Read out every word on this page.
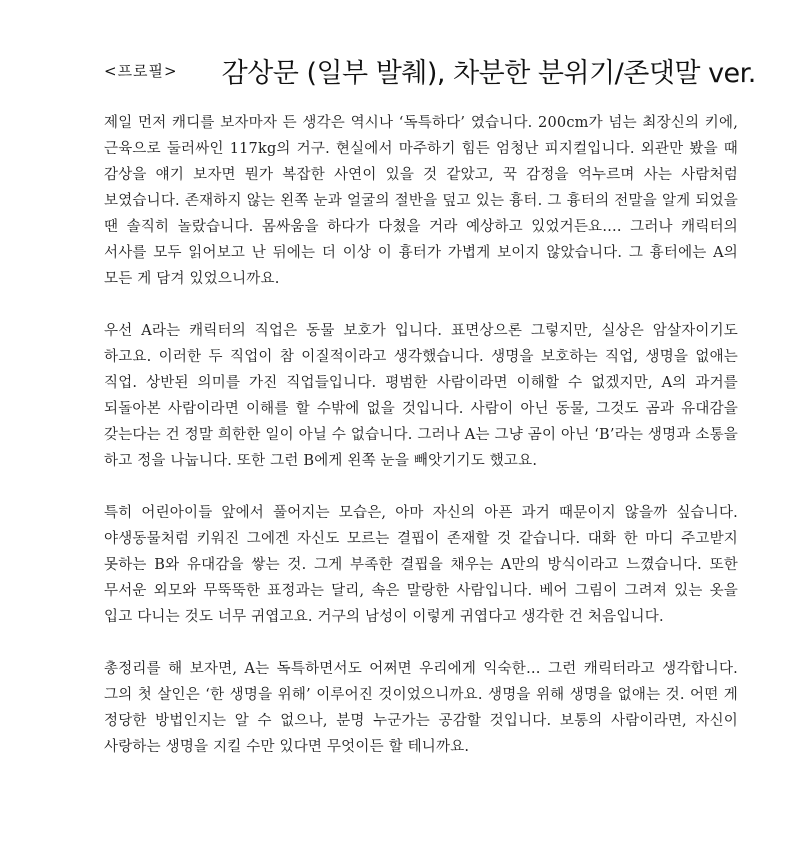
<프로필> 감상문 (일부 발췌), 차분한 분위기/존댓말 ver.

제일 먼저 캐디를 보자마자 든 생각은 역시나 ‘독특하다’ 였습니다. 200cm가 넘는 최장신의 키에, 근육으로 둘러싸인 117kg의 거구. 현실에서 마주하기 힘든 엄청난 피지컬입니다. 외관만 봤을 때 감상을 얘기 보자면 뭔가 복잡한 사연이 있을 것 같았고, 꾹 감정을 억누르며 사는 사람처럼 보였습니다. 존재하지 않는 왼쪽 눈과 얼굴의 절반을 덮고 있는 흉터. 그 흉터의 전말을 알게 되었을 땐 솔직히 놀랐습니다. 몸싸움을 하다가 다쳤을 거라 예상하고 있었거든요…. 그러나 캐릭터의 서사를 모두 읽어보고 난 뒤에는 더 이상 이 흉터가 가볍게 보이지 않았습니다. 그 흉터에는 A의 모든 게 담겨 있었으니까요.

우선 A라는 캐릭터의 직업은 동물 보호가 입니다. 표면상으론 그렇지만, 실상은 암살자이기도 하고요. 이러한 두 직업이 참 이질적이라고 생각했습니다. 생명을 보호하는 직업, 생명을 없애는 직업. 상반된 의미를 가진 직업들입니다. 평범한 사람이라면 이해할 수 없겠지만, A의 과거를 되돌아본 사람이라면 이해를 할 수밖에 없을 것입니다. 사람이 아닌 동물, 그것도 곰과 유대감을 갖는다는 건 정말 희한한 일이 아닐 수 없습니다. 그러나 A는 그냥 곰이 아닌 ‘B’라는 생명과 소통을 하고 정을 나눕니다. 또한 그런 B에게 왼쪽 눈을 빼앗기기도 했고요.

특히 어린아이들 앞에서 풀어지는 모습은, 아마 자신의 아픈 과거 때문이지 않을까 싶습니다. 야생동물처럼 키워진 그에겐 자신도 모르는 결핍이 존재할 것 같습니다. 대화 한 마디 주고받지 못하는 B와 유대감을 쌓는 것. 그게 부족한 결핍을 채우는 A만의 방식이라고 느꼈습니다. 또한 무서운 외모와 무뚝뚝한 표정과는 달리, 속은 말랑한 사람입니다. 베어 그림이 그려져 있는 옷을 입고 다니는 것도 너무 귀엽고요. 거구의 남성이 이렇게 귀엽다고 생각한 건 처음입니다.

총정리를 해 보자면, A는 독특하면서도 어쩌면 우리에게 익숙한… 그런 캐릭터라고 생각합니다. 그의 첫 살인은 ‘한 생명을 위해’ 이루어진 것이었으니까요. 생명을 위해 생명을 없애는 것. 어떤 게 정당한 방법인지는 알 수 없으나, 분명 누군가는 공감할 것입니다. 보통의 사람이라면, 자신이 사랑하는 생명을 지킬 수만 있다면 무엇이든 할 테니까요.
